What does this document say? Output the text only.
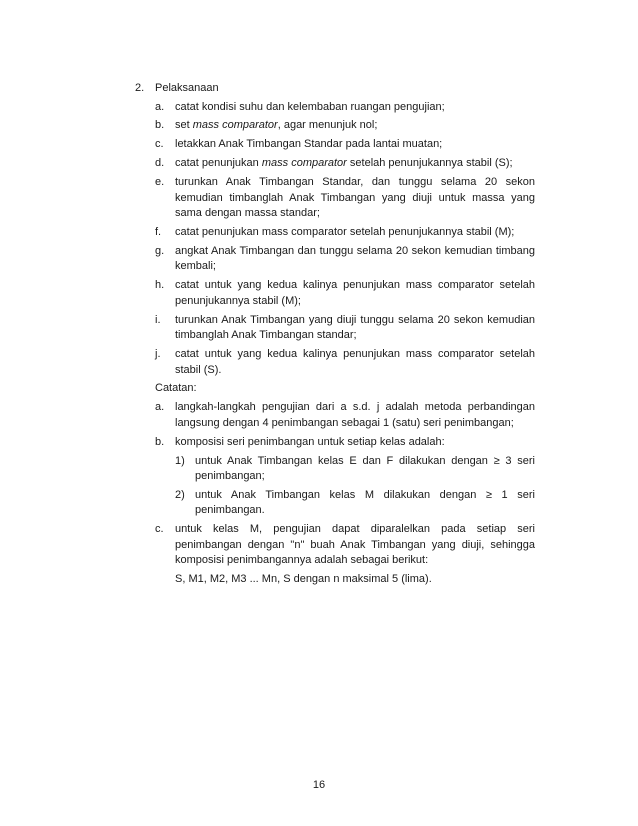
2. Pelaksanaan
a. catat kondisi suhu dan kelembaban ruangan pengujian;
b. set mass comparator, agar menunjuk nol;
c. letakkan Anak Timbangan Standar pada lantai muatan;
d. catat penunjukan mass comparator setelah penunjukannya stabil (S);
e. turunkan Anak Timbangan Standar, dan tunggu selama 20 sekon kemudian timbanglah Anak Timbangan yang diuji untuk massa yang sama dengan massa standar;
f. catat penunjukan mass comparator setelah penunjukannya stabil (M);
g. angkat Anak Timbangan dan tunggu selama 20 sekon kemudian timbang kembali;
h. catat untuk yang kedua kalinya penunjukan mass comparator setelah penunjukannya stabil (M);
i. turunkan Anak Timbangan yang diuji tunggu selama 20 sekon kemudian timbanglah Anak Timbangan standar;
j. catat untuk yang kedua kalinya penunjukan mass comparator setelah stabil (S).
Catatan:
a. langkah-langkah pengujian dari a s.d. j adalah metoda perbandingan langsung dengan 4 penimbangan sebagai 1 (satu) seri penimbangan;
b. komposisi seri penimbangan untuk setiap kelas adalah:
1) untuk Anak Timbangan kelas E dan F dilakukan dengan ≥ 3 seri penimbangan;
2) untuk Anak Timbangan kelas M dilakukan dengan ≥ 1 seri penimbangan.
c. untuk kelas M, pengujian dapat diparalelkan pada setiap seri penimbangan dengan "n" buah Anak Timbangan yang diuji, sehingga komposisi penimbangannya adalah sebagai berikut:
S, M1, M2, M3 ... Mn, S dengan n maksimal 5 (lima).
16
